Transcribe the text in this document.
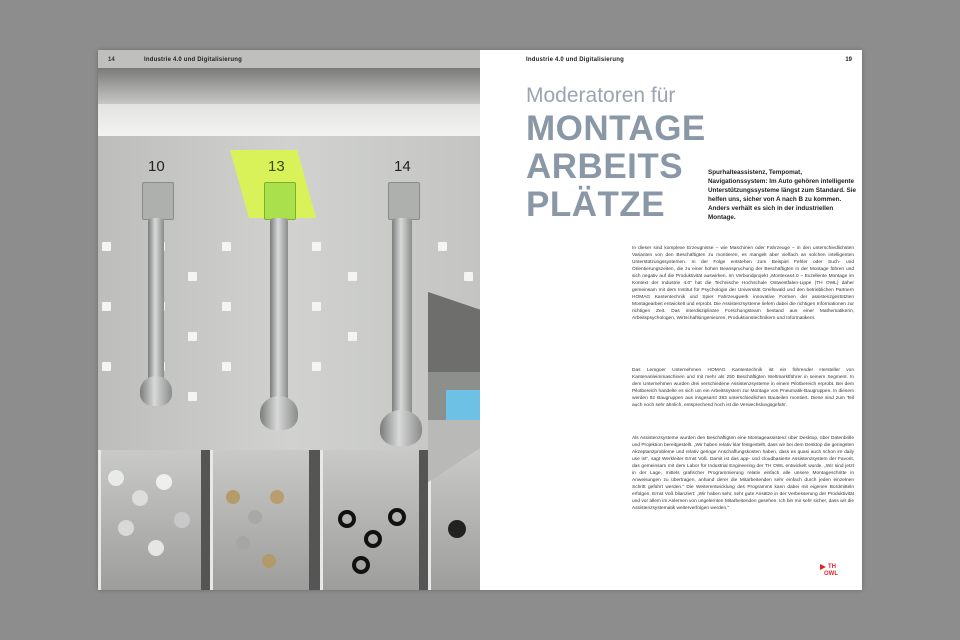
14	Industrie 4.0 und Digitalisierung
10	13	14
Industrie 4.0 und Digitalisierung	19
Moderatoren für
MONTAGE
ARBEITS
PLÄTZE
Spurhalteassistenz, Tempomat, Navigationssystem: Im Auto gehören intelligente Unterstützungssysteme längst zum Standard. Sie helfen uns, sicher von A nach B zu kommen. Anders verhält es sich in der industriellen Montage.
In dieser sind komplexe Erzeugnisse – wie Maschinen oder Fahrzeuge – in den unterschiedlichsten Varianten von den Beschäftigten zu montieren, es mangelt aber vielfach an solchen intelligenten Unterstützungssystemen. In der Folge entstehen zum Beispiel Fehler oder Such- und Orientierungszeiten, die zu einer hohen Beanspruchung der Beschäftigten in der Montage führen und sich negativ auf die Produktivität auswirken. Im Verbundprojekt „Montexas4.0 – Exzellente Montage im Kontext der Industrie 4.0“ hat die Technische Hochschule Ostwestfalen-Lippe (TH OWL) daher gemeinsam mit dem Institut für Psychologie der Universität Greifswald und den betrieblichen Partnern HOMAG Kantentechnik und Spier Fahrzeugwerk innovative Formen der assistenzgestützten Montagearbeit entwickelt und erprobt. Die Assistenzsysteme liefern dabei die richtigen Informationen zur richtigen Zeit. Das interdisziplinäre Forschungsteam bestand aus einer Mathematikerin, Arbeitspsychologen, Wirtschaftsingenieuren, Produktionstechnikern und Informatikern.
Das Lemgoer Unternehmen HOMAG Kantentechnik ist ein führender Hersteller von Kantenanleimmaschinen und mit mehr als 250 Beschäftigten Weltmarktführer in seinem Segment. In dem Unternehmen wurden drei verschiedene Assistenzsysteme in einem Pilotbereich erprobt. Bei dem Pilotbereich handelte es sich um ein Arbeitssystem zur Montage von Pneumatik-Baugruppen. In diesem werden 92 Baugruppen aus insgesamt 383 unterschiedlichen Bauteilen montiert. Diese sind zum Teil auch noch sehr ähnlich, entsprechend hoch ist die Verwechslungsgefahr.
Als Assistenzsysteme wurden den Beschäftigten eine Montageassistenz über Desktop, über Datenbrille und Projektion bereitgestellt. „Wir haben relativ klar festgestellt, dass wir bei dem Desktop die geringsten Akzeptanzprobleme und relativ geringe Anschaffungskosten haben, dass es quasi auch schon im daily use ist“, sagt Werkleiter Ernst Voß. Damit ist das app- und cloudbasierte Assistenzsystem der Favorit, das gemeinsam mit dem Labor für Industrial Engineering der TH OWL entwickelt wurde. „Wir sind jetzt in der Lage, mittels grafischer Programmierung relativ einfach alle unsere Montageschritte in Anweisungen zu übertragen, anhand derer die Mitarbeitenden sehr einfach durch jeden einzelnen Schritt geführt werden.“ Die Weiterentwicklung des Programms kann dabei mit eigenen Bordmitteln erfolgen. Ernst Voß bilanziert: „Wir haben sehr, sehr gute Ansätze in der Verbesserung der Produktivität und vor allem im Anlernen von ungelernten Mitarbeitenden gesehen. Ich bin mir sehr sicher, dass wir die Assistenzsystematik weiterverfolgen werden.“
TH
OWL
